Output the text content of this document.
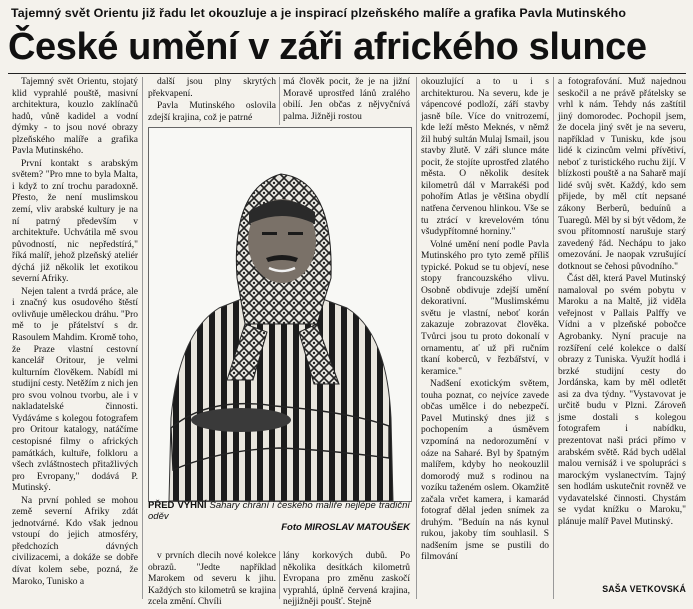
Tajemný svět Orientu již řadu let okouzluje a je inspirací plzeňského malíře a grafika Pavla Mutinského
České umění v záři afrického slunce

Tajemný svět Orientu, stojatý klid vyprahlé pouště, masivní architektura, kouzlo zaklínačů hadů, vůně kadidel a vodní dýmky - to jsou nové obrazy plzeňského malíře a grafika Pavla Mutinského.

První kontakt s arabským světem? "Pro mne to byla Malta, i když to zní trochu paradoxně. Přesto, že není muslimskou zemí, vliv arabské kultury je na ní patrný především v architektuře. Uchvátila mě svou původností, nic nepředstírá," říká malíř, jehož plzeňský ateliér dýchá již několik let exotikou severní Afriky.

Nejen talent a tvrdá práce, ale i značný kus osudového štěstí ovlivňuje uměleckou dráhu. "Pro mě to je přátelství s dr. Rasoulem Mahdim. Kromě toho, že Praze vlastní cestovní kancelář Oritour, je velmi kulturním člověkem. Nabídl mi studijní cesty. Netěžím z nich jen pro svou volnou tvorbu, ale i v nakladatelské činnosti. Vydáváme s kolegou fotografem pro Oritour katalogy, natáčíme cestopisné filmy o afrických památkách, kultuře, folkloru a všech zvláštnostech přitažlivých pro Evropany," dodává P. Mutinský.

Na první pohled se mohou země severní Afriky zdát jednotvárné. Kdo však jednou vstoupí do jejich atmosféry, předchozích dávných civilizacemi, a dokáže se dobře dívat kolem sebe, pozná, že Maroko, Tunisko a

další jsou plny skrytých překvapení.

Pavla Mutinského oslovila zdejší krajina, což je patrné

má člověk pocit, že je na jižní Moravě uprostřed lánů zralého obilí. Jen občas z nějvyčnívá palma. Jižněji rostou

PŘED VÝHNÍ Sahary chrání i českého malíře nejlépe tradiční oděv
Foto MIROSLAV MATOUŠEK

v prvních dlecih nové kolekce obrazů. "Jedte například Marokem od severu k jihu. Každých sto kilometrů se krajina zcela změní. Chvíli

lány korkových dubů. Po několika desítkách kilometrů Evropana pro změnu zaskočí vyprahlá, úplně červená krajina, nejjižněji poušť. Stejně

okouzlující a to u i s architekturou. Na severu, kde je vápencové podloží, září stavby jasně bíle. Více do vnitrozemí, kde leží město Meknés, v němž žil hubý sultán Mulaj Ismail, jsou stavby žlutě. V záři slunce máte pocit, že stojíte uprostřed zlatého města. O několik desítek kilometrů dál v Marrakéši pod pohořím Atlas je většina obydlí natřena červenou hlinkou. Vše se tu ztrácí v krevelovém tónu všudypřítomné horniny."

Volné umění není podle Pavla Mutinského pro tyto země příliš typické. Pokud se tu objeví, nese stopy francouzského vlivu. Osobně obdivuje zdejší umění dekorativní. "Muslimskému světu je vlastní, neboť korán zakazuje zobrazovat člověka. Tvůrci jsou tu proto dokonalí v ornamentu, ať už při ručním tkaní koberců, v řezbářství, v keramice."

Nadšení exotickým světem, touha poznat, co nejvíce zavede občas umělce i do nebezpečí. Pavel Mutinský dnes již s pochopením a úsměvem vzpomíná na nedorozumění v oáze na Saharé. Byl by špatným malířem, kdyby ho neokouzlil domorodý muž s rodinou na vozíku taženém oslem. Okamžitě začala vrčet kamera, i kamarád fotograf dělal jeden snímek za druhým. "Beduín na nás kynul rukou, jakoby tím souhlasil. S nadšením jsme se pustili do filmování

a fotografování. Muž najednou seskočil a ne právě přátelsky se vrhl k nám. Tehdy nás zaštítil jiný domorodec. Pochopil jsem, že docela jiný svět je na severu, například v Tunisku, kde jsou lidé k cizincům velmi přívětiví, neboť z turistického ruchu žijí. V blízkosti pouště a na Saharě mají lidé svůj svět. Každý, kdo sem přijede, by měl ctít nepsané zákony Berberů, beduínů a Tuaregů. Měl by si být vědom, že svou přítomností narušuje starý zavedený řád. Nechápu to jako omezování. Je naopak vzrušující dotknout se čehosi původního."

Část děl, která Pavel Mutinský namaloval po svém pobytu v Maroku a na Maltě, již viděla veřejnost v Pallais Palffy ve Vídni a v plzeňské pobočce Agrobanky. Nyní pracuje na rozšíření celé kolekce o další obrazy z Tuniska. Využít hodlá i brzké studijní cesty do Jordánska, kam by měl odletět asi za dva týdny. "Vystavovat je určitě budu v Plzni. Zároveň jsme dostali s kolegou fotografem i nabídku, prezentovat naši práci přímo v arabském světě. Rád bych udělal malou vernisáž i ve spolupráci s marockým vyslanectvím. Tajný sen hodlám uskutečnit rovněž ve vydavatelské činnosti. Chystám se vydat knížku o Maroku," plánuje malíř Pavel Mutinský.

SAŠA VETKOVSKÁ
